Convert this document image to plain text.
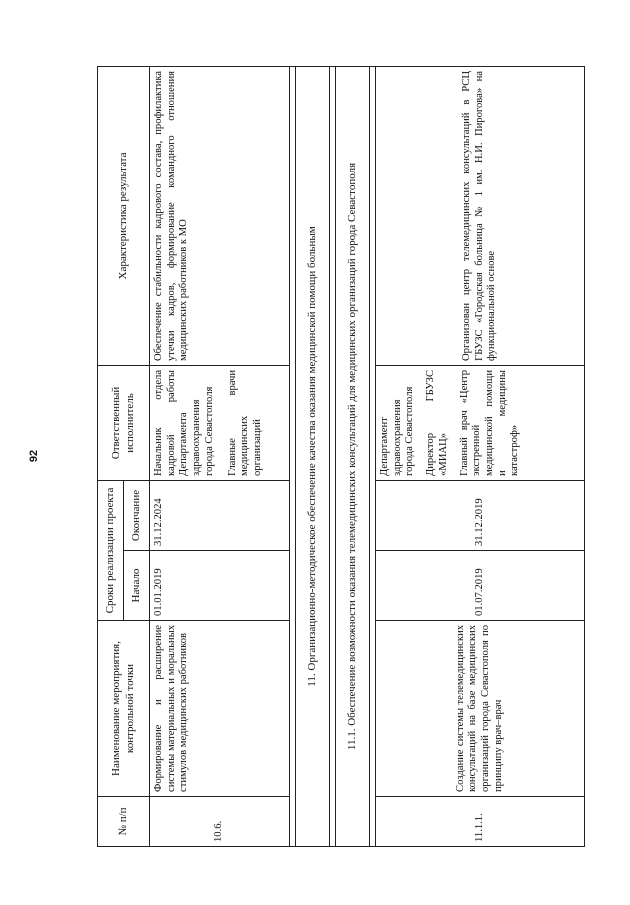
92
№ п/п	Наименование мероприятия, контрольной точки	Сроки реализации проекта		Ответственный исполнитель	Характеристика результата
		Начало	Окончание		
10.6.	Формирование и расширение системы материальных и моральных стимулов медицинских работников	01.01.2019	31.12.2024	Начальник отдела кадровой работы Департамента здравоохранения города Севастополя Главные врачи медицинских организаций	Обеспечение стабильности кадрового состава, профилактика утечки кадров, формирование командного отношения медицинских работников к МО

11. Организационно-методическое обеспечение качества оказания медицинской помощи больным					

11.1. Обеспечение возможности оказания телемедицинских консультаций для медицинских организаций города Севастополя					

11.1.1.	Создание системы телемедицинских консультаций на базе медицинских организаций города Севастополя по принципу врач–врач	01.07.2019	31.12.2019	Департамент здравоохранения города Севастополя Директор ГБУЗС «МИАЦ» Главный врач «Центр экстренной медицинской помощи и медицины катастроф»	Организован центр телемедицинских консультаций в РСЦ ГБУЗС «Городская больница № 1 им. Н.И. Пирогова» на функциональной основе
